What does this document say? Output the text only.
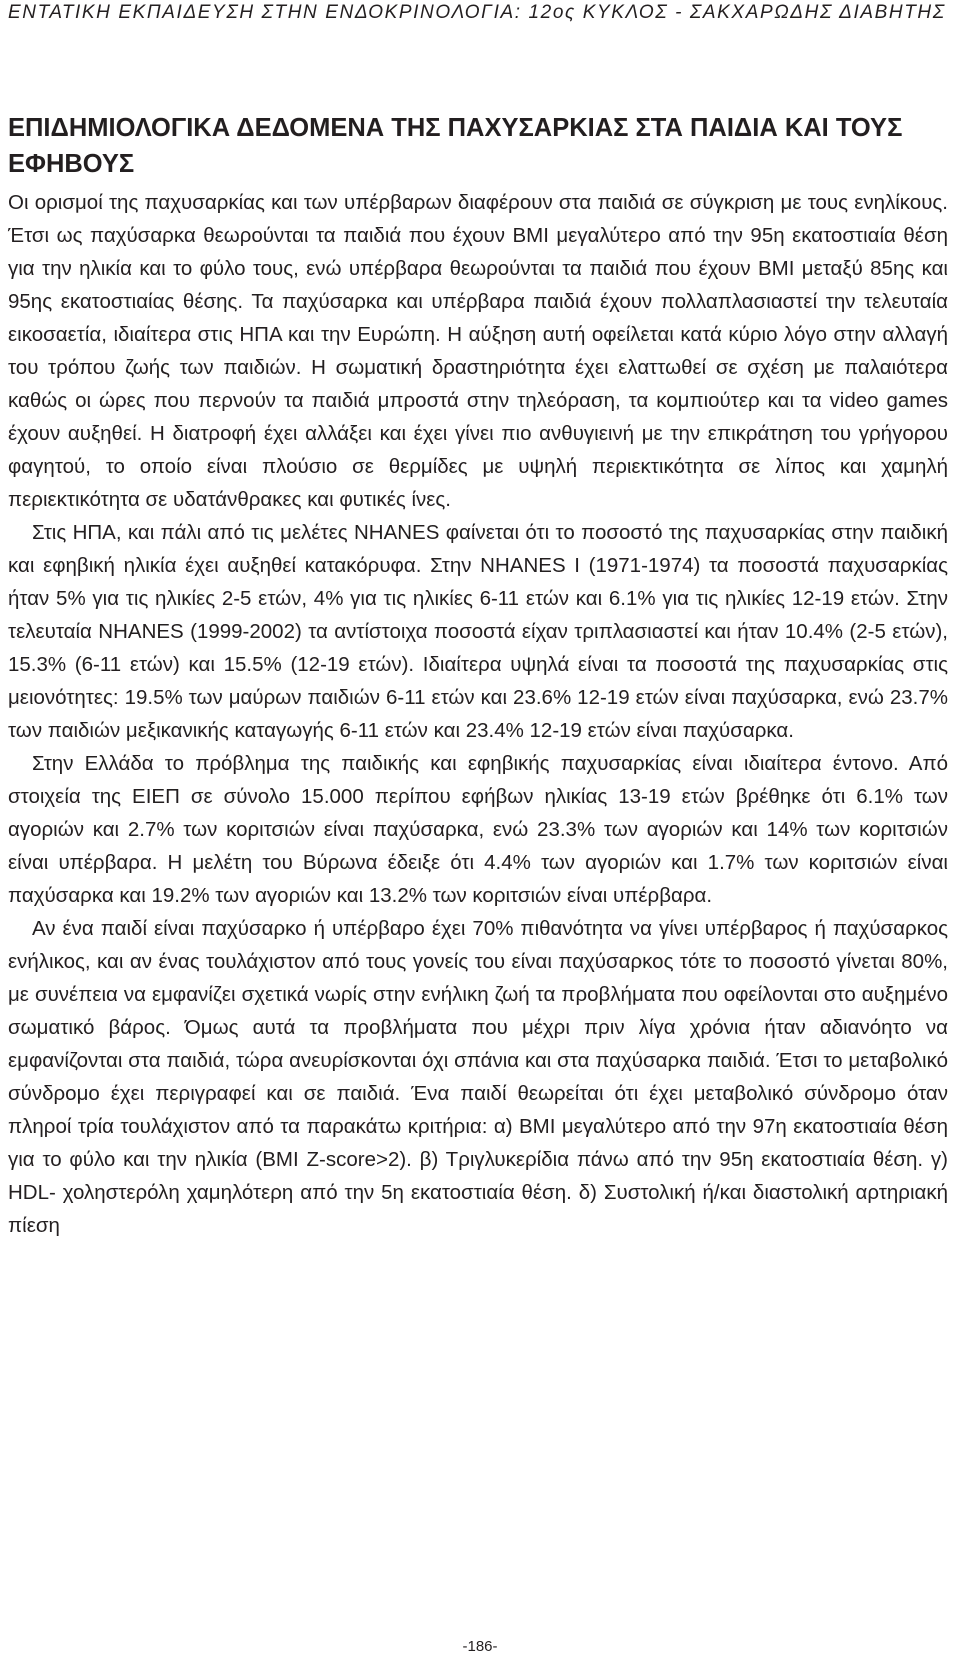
ΕΝΤΑΤΙΚΗ ΕΚΠΑΙΔΕΥΣΗ ΣΤΗΝ ΕΝΔΟΚΡΙΝΟΛΟΓΙΑ: 12ος ΚΥΚΛΟΣ - ΣΑΚΧΑΡΩΔΗΣ ΔΙΑΒΗΤΗΣ
ΕΠΙΔΗΜΙΟΛΟΓΙΚΑ ΔΕΔΟΜΕΝΑ ΤΗΣ ΠΑΧΥΣΑΡΚΙΑΣ ΣΤΑ ΠΑΙΔΙΑ ΚΑΙ ΤΟΥΣ ΕΦΗΒΟΥΣ

Οι ορισμοί της παχυσαρκίας και των υπέρβαρων διαφέρουν στα παιδιά σε σύγκριση με τους ενηλίκους. Έτσι ως παχύσαρκα θεωρούνται τα παιδιά που έχουν BMI μεγαλύτερο από την 95η εκατοστιαία θέση για την ηλικία και το φύλο τους, ενώ υπέρβαρα θεωρούνται τα παιδιά που έχουν BMI μεταξύ 85ης και 95ης εκατοστιαίας θέσης. Τα παχύσαρκα και υπέρβαρα παιδιά έχουν πολλαπλασιαστεί την τελευταία εικοσαετία, ιδιαίτερα στις ΗΠΑ και την Ευρώπη. Η αύξηση αυτή οφείλεται κατά κύριο λόγο στην αλλαγή του τρόπου ζωής των παιδιών. Η σωματική δραστηριότητα έχει ελαττωθεί σε σχέση με παλαιότερα καθώς οι ώρες που περνούν τα παιδιά μπροστά στην τηλεόραση, τα κομπιούτερ και τα video games έχουν αυξηθεί. Η διατροφή έχει αλλάξει και έχει γίνει πιο ανθυγιεινή με την επικράτηση του γρήγορου φαγητού, το οποίο είναι πλούσιο σε θερμίδες με υψηλή περιεκτικότητα σε λίπος και χαμηλή περιεκτικότητα σε υδατάνθρακες και φυτικές ίνες.

Στις ΗΠΑ, και πάλι από τις μελέτες NHANES φαίνεται ότι το ποσοστό της παχυσαρκίας στην παιδική και εφηβική ηλικία έχει αυξηθεί κατακόρυφα. Στην NHANES I (1971-1974) τα ποσοστά παχυσαρκίας ήταν 5% για τις ηλικίες 2-5 ετών, 4% για τις ηλικίες 6-11 ετών και 6.1% για τις ηλικίες 12-19 ετών. Στην τελευταία NHANES (1999-2002) τα αντίστοιχα ποσοστά είχαν τριπλασιαστεί και ήταν 10.4% (2-5 ετών), 15.3% (6-11 ετών) και 15.5% (12-19 ετών). Ιδιαίτερα υψηλά είναι τα ποσοστά της παχυσαρκίας στις μειονότητες: 19.5% των μαύρων παιδιών 6-11 ετών και 23.6% 12-19 ετών είναι παχύσαρκα, ενώ 23.7% των παιδιών μεξικανικής καταγωγής 6-11 ετών και 23.4% 12-19 ετών είναι παχύσαρκα.

Στην Ελλάδα το πρόβλημα της παιδικής και εφηβικής παχυσαρκίας είναι ιδιαίτερα έντονο. Από στοιχεία της ΕΙΕΠ σε σύνολο 15.000 περίπου εφήβων ηλικίας 13-19 ετών βρέθηκε ότι 6.1% των αγοριών και 2.7% των κοριτσιών είναι παχύσαρκα, ενώ 23.3% των αγοριών και 14% των κοριτσιών είναι υπέρβαρα. Η μελέτη του Βύρωνα έδειξε ότι 4.4% των αγοριών και 1.7% των κοριτσιών είναι παχύσαρκα και 19.2% των αγοριών και 13.2% των κοριτσιών είναι υπέρβαρα.

Αν ένα παιδί είναι παχύσαρκο ή υπέρβαρο έχει 70% πιθανότητα να γίνει υπέρβαρος ή παχύσαρκος ενήλικος, και αν ένας τουλάχιστον από τους γονείς του είναι παχύσαρκος τότε το ποσοστό γίνεται 80%, με συνέπεια να εμφανίζει σχετικά νωρίς στην ενήλικη ζωή τα προβλήματα που οφείλονται στο αυξημένο σωματικό βάρος. Όμως αυτά τα προβλήματα που μέχρι πριν λίγα χρόνια ήταν αδιανόητο να εμφανίζονται στα παιδιά, τώρα ανευρίσκονται όχι σπάνια και στα παχύσαρκα παιδιά. Έτσι το μεταβολικό σύνδρομο έχει περιγραφεί και σε παιδιά. Ένα παιδί θεωρείται ότι έχει μεταβολικό σύνδρομο όταν πληροί τρία τουλάχιστον από τα παρακάτω κριτήρια: α) BMI μεγαλύτερο από την 97η εκατοστιαία θέση για το φύλο και την ηλικία (BMI Z-score>2). β) Τριγλυκερίδια πάνω από την 95η εκατοστιαία θέση. γ) HDL- χοληστερόλη χαμηλότερη από την 5η εκατοστιαία θέση. δ) Συστολική ή/και διαστολική αρτηριακή πίεση

-186-
